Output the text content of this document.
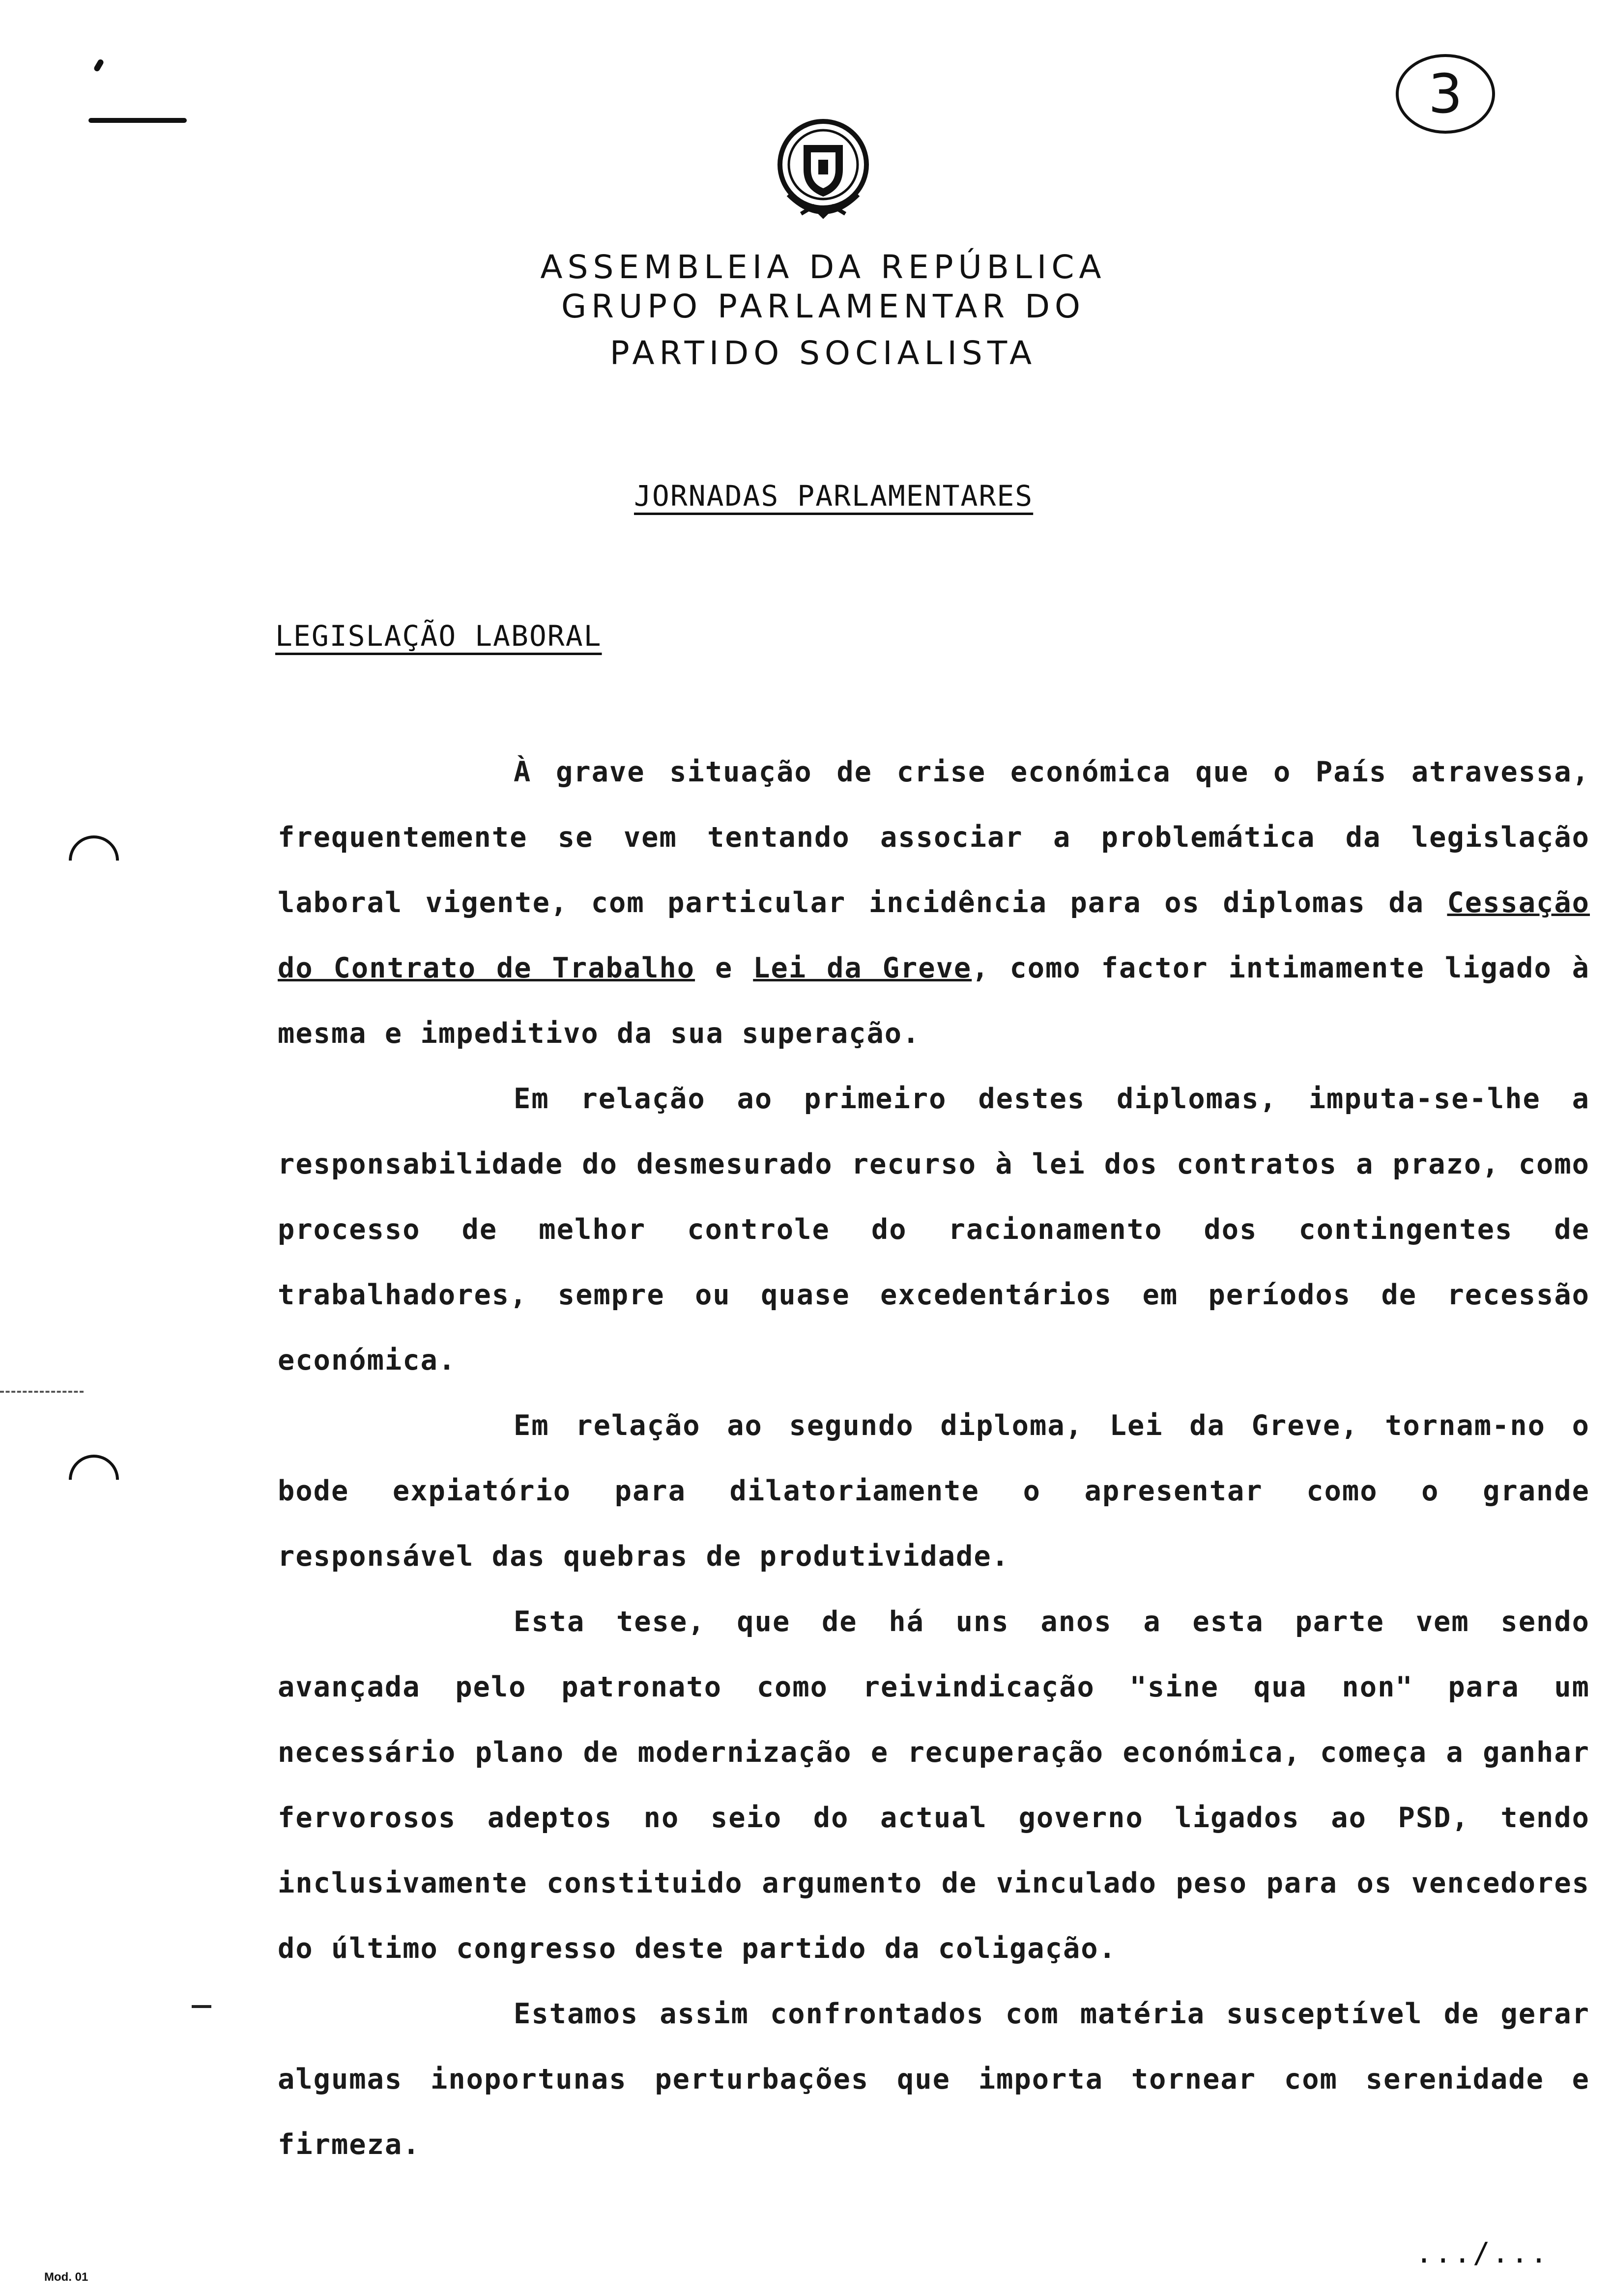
3
ASSEMBLEIA DA REPÚBLICA
GRUPO PARLAMENTAR DO
PARTIDO SOCIALISTA
JORNADAS PARLAMENTARES
LEGISLAÇÃO LABORAL

À grave situação de crise económica que o País atravessa, frequentemente se vem tentando associar a problemática da legislação laboral vigente, com particular incidência para os diplomas da Cessação do Contrato de Trabalho e Lei da Greve, como factor intimamente ligado à mesma e impeditivo da sua superação.

Em relação ao primeiro destes diplomas, imputa-se-lhe a responsabilidade do desmesurado recurso à lei dos contratos a prazo, como processo de melhor controle do racionamento dos contingentes de trabalhadores, sempre ou quase excedentários em períodos de recessão económica.

Em relação ao segundo diploma, Lei da Greve, tornam-no o bode expiatório para dilatoriamente o apresentar como o grande responsável das quebras de produtividade.

Esta tese, que de há uns anos a esta parte vem sendo avançada pelo patronato como reivindicação "sine qua non" para um necessário plano de modernização e recuperação económica, começa a ganhar fervorosos adeptos no seio do actual governo ligados ao PSD, tendo inclusivamente constituido argumento de vinculado peso para os vencedores do último congresso deste partido da coligação.

Estamos assim confrontados com matéria susceptível de gerar algumas inoportunas perturbações que importa tornear com serenidade e firmeza.

.../...
Mod. 01
